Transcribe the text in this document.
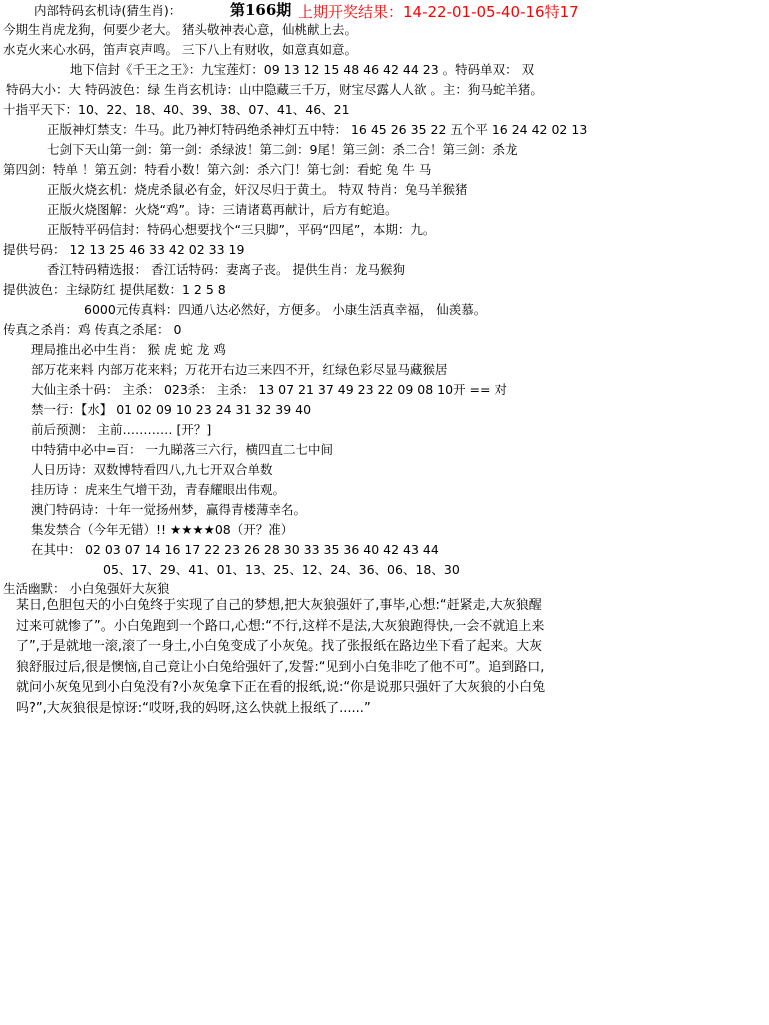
内部特码玄机诗(猜生肖)：	第166期 上期开奖结果：14-22-01-05-40-16特17
今期生肖虎龙狗，何要少老大。 猪头敬神表心意，仙桃献上去。
水克火来心水码，笛声哀声鸣。 三下八上有财收，如意真如意。
地下信封《千王之王》：九宝莲灯：09 13 12 15 48 46 42 44 23 。特码单双： 双
特码大小：大 特码波色：绿 生肖玄机诗：山中隐藏三千万，财宝尽露人人欲 。主：狗马蛇羊猪。
十指平天下：10、22、18、40、39、38、07、41、46、21
正版神灯禁支：牛马。此乃神灯特码绝杀神灯五中特： 16 45 26 35 22 五个平 16 24 42 02 13
七剑下天山第一剑：第一剑：杀绿波！第二剑：9尾！第三剑：杀二合！第三剑：杀龙
第四剑：特单 ！第五剑：特看小数！第六剑：杀六门！第七剑：看蛇 兔 牛 马
正版火烧玄机：烧虎杀鼠必有金，奸汉尽归于黄土。 特双 特肖：兔马羊猴猪
正版火烧图解：火烧“鸡”。诗：三请诸葛再献计，后方有蛇追。
正版特平码信封：特码心想要找个“三只脚”，平码“四尾”，本期：九。
提供号码： 12 13 25 46 33 42 02 33 19
香江特码精选报： 香江话特码：妻离子丧。 提供生肖：龙马猴狗
提供波色：主绿防红 提供尾数：1 2 5 8
6000元传真料：四通八达必然好，方便多。 小康生活真幸福， 仙羡慕。
传真之杀肖：鸡 传真之杀尾： 0
理局推出必中生肖： 猴 虎 蛇 龙 鸡
部万花来料 内部万花来料；万花开右边三来四不开，红绿色彩尽显马藏猴居
大仙主杀十码： 主杀： 023杀： 主杀： 13 07 21 37 49 23 22 09 08 10开 == 对
禁一行：【水】 01 02 09 10 23 24 31 32 39 40
前后预测： 主前………… [开？]
中特猜中必中=百： 一九睇落三六行，横四直二七中间
人日历诗：双数博特看四八,九七开双合单数
挂历诗 ：虎来生气增干劲，青春耀眼出伟观。
澳门特码诗：十年一觉扬州梦，赢得青楼薄幸名。
集发禁合（今年无错）!! ★★★★08（开？准）
在其中： 02 03 07 14 16 17 22 23 26 28 30 33 35 36 40 42 43 44
05、17、29、41、01、13、25、12、24、36、06、18、30
生活幽默： 小白兔强奸大灰狼
某日,色胆包天的小白兔终于实现了自己的梦想,把大灰狼强奸了,事毕,心想:“赶紧走,大灰狼醒
过来可就惨了”。小白兔跑到一个路口,心想:“不行,这样不是法,大灰狼跑得快,一会不就追上来
了”,于是就地一滚,滚了一身土,小白兔变成了小灰兔。找了张报纸在路边坐下看了起来。大灰
狼舒服过后,很是懊恼,自己竟让小白兔给强奸了,发誓:“见到小白兔非吃了他不可”。追到路口,
就问小灰兔见到小白兔没有?小灰兔拿下正在看的报纸,说:“你是说那只强奸了大灰狼的小白兔
吗?”,大灰狼很是惊讶:“哎呀,我的妈呀,这么快就上报纸了......”
